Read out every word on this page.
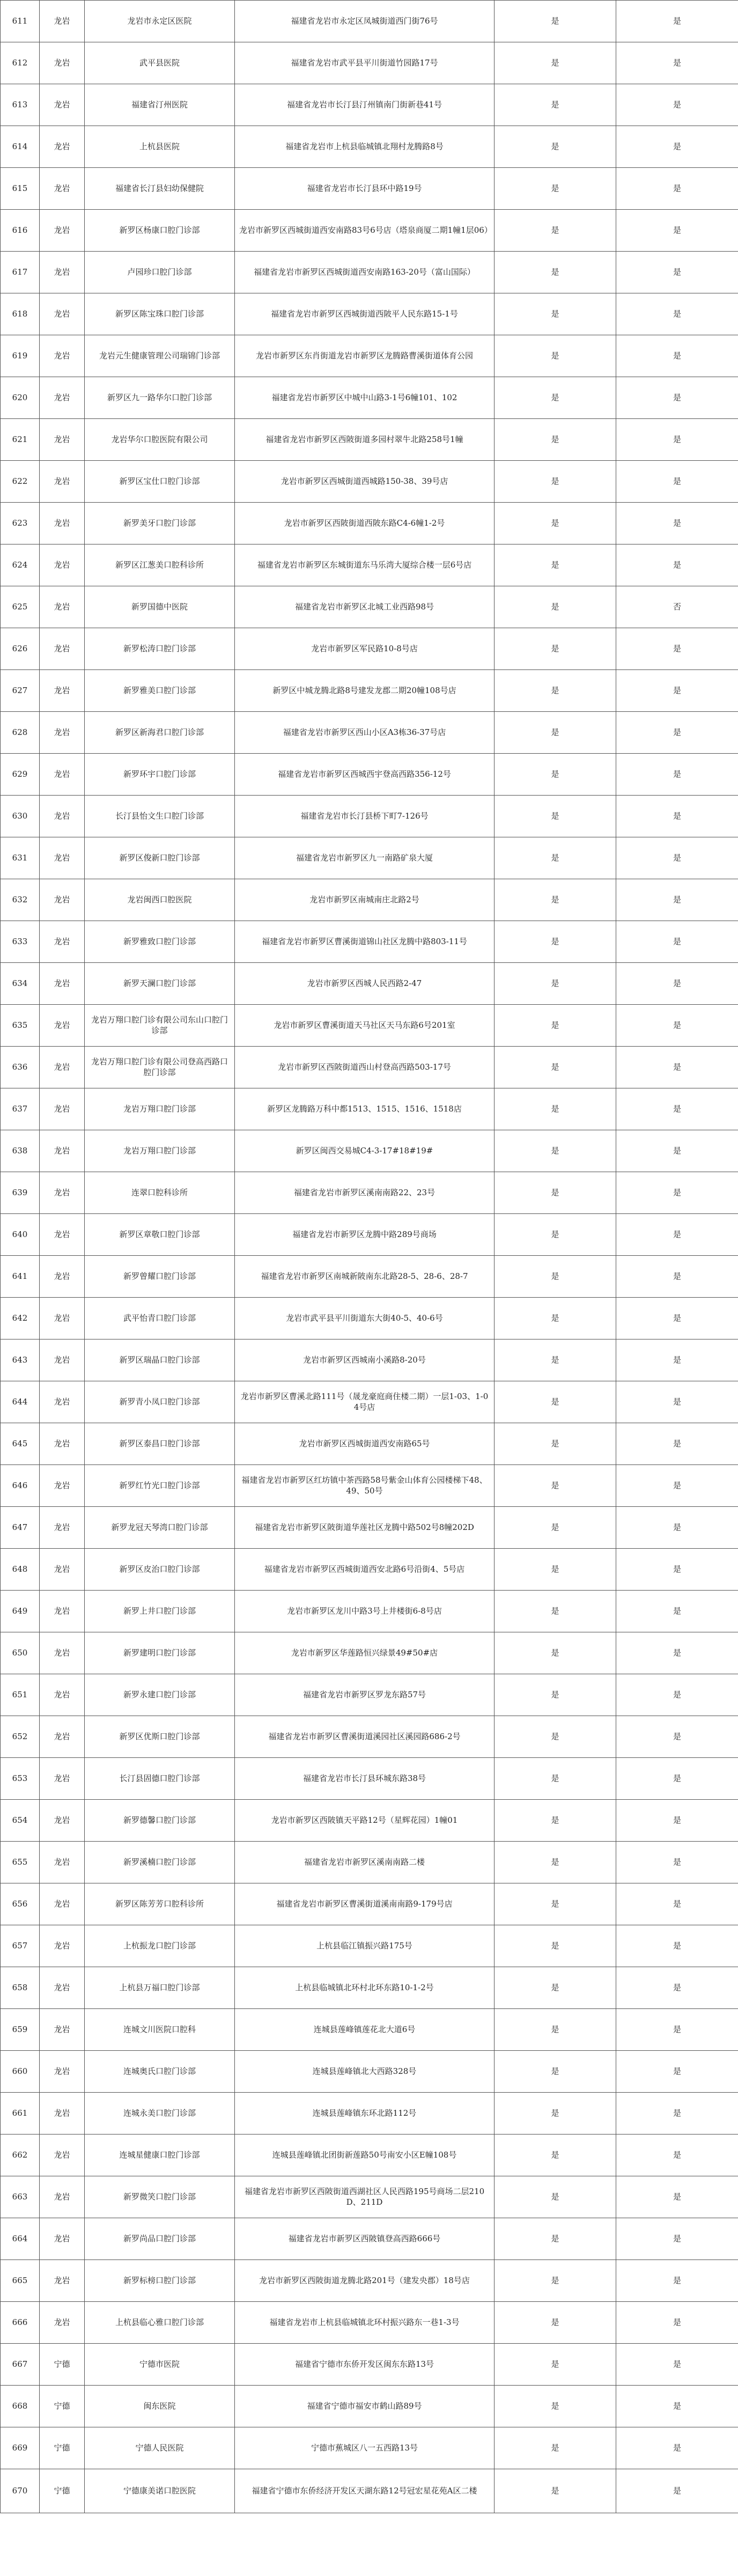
611	龙岩	龙岩市永定区医院	福建省龙岩市永定区凤城街道西门街76号	是	是
612	龙岩	武平县医院	福建省龙岩市武平县平川街道竹园路17号	是	是
613	龙岩	福建省汀州医院	福建省龙岩市长汀县汀州镇南门街新巷41号	是	是
614	龙岩	上杭县医院	福建省龙岩市上杭县临城镇北翔村龙腾路8号	是	是
615	龙岩	福建省长汀县妇幼保健院	福建省龙岩市长汀县环中路19号	是	是
616	龙岩	新罗区杨康口腔门诊部	龙岩市新罗区西城街道西安南路83号6号店（塔泉商厦二期1幢1层06）	是	是
617	龙岩	卢园珍口腔门诊部	福建省龙岩市新罗区西城街道西安南路163-20号（富山国际）	是	是
618	龙岩	新罗区陈宝珠口腔门诊部	福建省龙岩市新罗区西城街道西陂平人民东路15-1号	是	是
619	龙岩	龙岩元生健康管理公司瑞锦门诊部	龙岩市新罗区东肖街道龙岩市新罗区龙腾路曹溪街道体育公园	是	是
620	龙岩	新罗区九一路华尔口腔门诊部	福建省龙岩市新罗区中城中山路3-1号6幢101、102	是	是
621	龙岩	龙岩华尔口腔医院有限公司	福建省龙岩市新罗区西陂街道多园村翠牛北路258号1幢	是	是
622	龙岩	新罗区宝仕口腔门诊部	龙岩市新罗区西城街道西城路150-38、39号店	是	是
623	龙岩	新罗美牙口腔门诊部	龙岩市新罗区西陂街道西陂东路C4-6幢1-2号	是	是
624	龙岩	新罗区江葱美口腔科诊所	福建省龙岩市新罗区东城街道东马乐湾大厦综合楼一层6号店	是	是
625	龙岩	新罗国德中医院	福建省龙岩市新罗区北城工业西路98号	是	否
626	龙岩	新罗松涛口腔门诊部	龙岩市新罗区军民路10-8号店	是	是
627	龙岩	新罗雅美口腔门诊部	新罗区中城龙腾北路8号建发龙郡二期20幢108号店	是	是
628	龙岩	新罗区新海君口腔门诊部	福建省龙岩市新罗区西山小区A3栋36-37号店	是	是
629	龙岩	新罗环宇口腔门诊部	福建省龙岩市新罗区西城西宇登高西路356-12号	是	是
630	龙岩	长汀县怡文生口腔门诊部	福建省龙岩市长汀县桥下町7-126号	是	是
631	龙岩	新罗区俊新口腔门诊部	福建省龙岩市新罗区九一南路矿泉大厦	是	是
632	龙岩	龙岩闽西口腔医院	龙岩市新罗区南城南庄北路2号	是	是
633	龙岩	新罗雅致口腔门诊部	福建省龙岩市新罗区曹溪街道锦山社区龙腾中路803-11号	是	是
634	龙岩	新罗天澜口腔门诊部	龙岩市新罗区西城人民西路2-47	是	是
635	龙岩	龙岩万翔口腔门诊有限公司东山口腔门诊部	龙岩市新罗区曹溪街道天马社区天马东路6号201室	是	是
636	龙岩	龙岩万翔口腔门诊有限公司登高西路口腔门诊部	龙岩市新罗区西陂街道西山村登高西路503-17号	是	是
637	龙岩	龙岩万翔口腔门诊部	新罗区龙腾路万科中都1513、1515、1516、1518店	是	是
638	龙岩	龙岩万翔口腔门诊部	新罗区闽西交易城C4-3-17#18#19#	是	是
639	龙岩	连翠口腔科诊所	福建省龙岩市新罗区溪南南路22、23号	是	是
640	龙岩	新罗区章敬口腔门诊部	福建省龙岩市新罗区龙腾中路289号商场	是	是
641	龙岩	新罗曾耀口腔门诊部	福建省龙岩市新罗区南城新陂南东北路28-5、28-6、28-7	是	是
642	龙岩	武平怡青口腔门诊部	龙岩市武平县平川街道东大街40-5、40-6号	是	是
643	龙岩	新罗区瑞晶口腔门诊部	龙岩市新罗区西城南小溪路8-20号	是	是
644	龙岩	新罗青小凤口腔门诊部	龙岩市新罗区曹溪北路111号（晟龙豪庭商住楼二期）一层1-03、1-04号店	是	是
645	龙岩	新罗区泰昌口腔门诊部	龙岩市新罗区西城街道西安南路65号	是	是
646	龙岩	新罗红竹光口腔门诊部	福建省龙岩市新罗区红坊镇中茶西路58号紫金山体育公园楼梯下48、49、50号	是	是
647	龙岩	新罗龙冠天琴湾口腔门诊部	福建省龙岩市新罗区陂街道华莲社区龙腾中路502号8幢202D	是	是
648	龙岩	新罗区皮治口腔门诊部	福建省龙岩市新罗区西城街道西安北路6号沿街4、5号店	是	是
649	龙岩	新罗上井口腔门诊部	龙岩市新罗区龙川中路3号上井楼街6-8号店	是	是
650	龙岩	新罗建明口腔门诊部	龙岩市新罗区华莲路恒兴绿景49#50#店	是	是
651	龙岩	新罗永建口腔门诊部	福建省龙岩市新罗区罗龙东路57号	是	是
652	龙岩	新罗区优斯口腔门诊部	福建省龙岩市新罗区曹溪街道溪园社区溪园路686-2号	是	是
653	龙岩	长汀县固德口腔门诊部	福建省龙岩市长汀县环城东路38号	是	是
654	龙岩	新罗德馨口腔门诊部	龙岩市新罗区西陂镇天平路12号（星辉花园）1幢01	是	是
655	龙岩	新罗溪楠口腔门诊部	福建省龙岩市新罗区溪南南路二楼	是	是
656	龙岩	新罗区陈芳芳口腔科诊所	福建省龙岩市新罗区曹溪街道溪南南路9-179号店	是	是
657	龙岩	上杭振龙口腔门诊部	上杭县临江镇振兴路175号	是	是
658	龙岩	上杭县万福口腔门诊部	上杭县临城镇北环村北环东路10-1-2号	是	是
659	龙岩	连城文川医院口腔科	连城县莲峰镇莲花北大道6号	是	是
660	龙岩	连城奥氏口腔门诊部	连城县莲峰镇北大西路328号	是	是
661	龙岩	连城永美口腔门诊部	连城县莲峰镇东环北路112号	是	是
662	龙岩	连城星健康口腔门诊部	连城县莲峰镇北团街新莲路50号南安小区E幢108号	是	是
663	龙岩	新罗微笑口腔门诊部	福建省龙岩市新罗区西陂街道西湖社区人民西路195号商场二层210D、211D	是	是
664	龙岩	新罗尚品口腔门诊部	福建省龙岩市新罗区西陂镇登高西路666号	是	是
665	龙岩	新罗标榜口腔门诊部	龙岩市新罗区西陂街道龙腾北路201号（建发央郡）18号店	是	是
666	龙岩	上杭县临心雅口腔门诊部	福建省龙岩市上杭县临城镇北环村振兴路东一巷1-3号	是	是
667	宁德	宁德市医院	福建省宁德市东侨开发区闽东东路13号	是	是
668	宁德	闽东医院	福建省宁德市福安市鹤山路89号	是	是
669	宁德	宁德人民医院	宁德市蕉城区八一五西路13号	是	是
670	宁德	宁德康美诺口腔医院	福建省宁德市东侨经济开发区天湖东路12号冠宏星花苑A区二楼	是	是
